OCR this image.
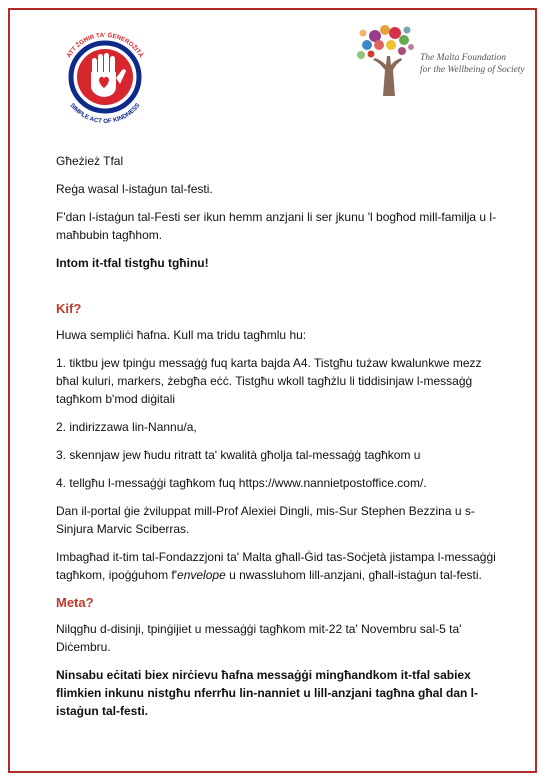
ATT ŻGĦIR TA' ĠENEROŻITÀ
SIMPLE ACT OF KINDNESS
The Malta Foundation
for the Wellbeing of Society

Għeżież Tfal

Reġa wasal l-istaġun tal-festi.

F'dan l-istaġun tal-Festi ser ikun hemm anzjani li ser jkunu 'l bogħod mill-familja u l-maħbubin tagħhom.

Intom it-tfal tistgħu tgħinu!

Kif?

Huwa sempliċi ħafna. Kull ma tridu tagħmlu hu:

1. tiktbu jew tpinġu messaġġ fuq karta bajda A4. Tistgħu tużaw kwalunkwe mezz bħal kuluri, markers, żebgħa eċċ. Tistgħu wkoll tagħżlu li tiddisinjaw l-messaġġ tagħkom b'mod diġitali

2. indirizzawa lin-Nannu/a,

3. skennjaw jew ħudu ritratt ta' kwalità għolja tal-messaġġ tagħkom u

4. tellgħu l-messaġġi tagħkom fuq https://www.nannietpostoffice.com/.

Dan il-portal ġie żviluppat mill-Prof Alexiei Dingli, mis-Sur Stephen Bezzina u s-Sinjura Marvic Sciberras.

Imbagħad it-tim tal-Fondazzjoni ta' Malta għall-Ġid tas-Soċjetà jistampa l-messaġġi tagħkom, ipoġġuhom f'envelope u nwassluhom lill-anzjani, għall-istaġun tal-festi.

Meta?

Nilqgħu d-disinji, tpinġijiet u messaġġi tagħkom mit-22 ta' Novembru sal-5 ta' Diċembru.

Ninsabu eċitati biex nirċievu ħafna messaġġi mingħandkom it-tfal sabiex flimkien inkunu nistgħu nferrħu lin-nanniet u lill-anzjani tagħna għal dan l-istaġun tal-festi.
